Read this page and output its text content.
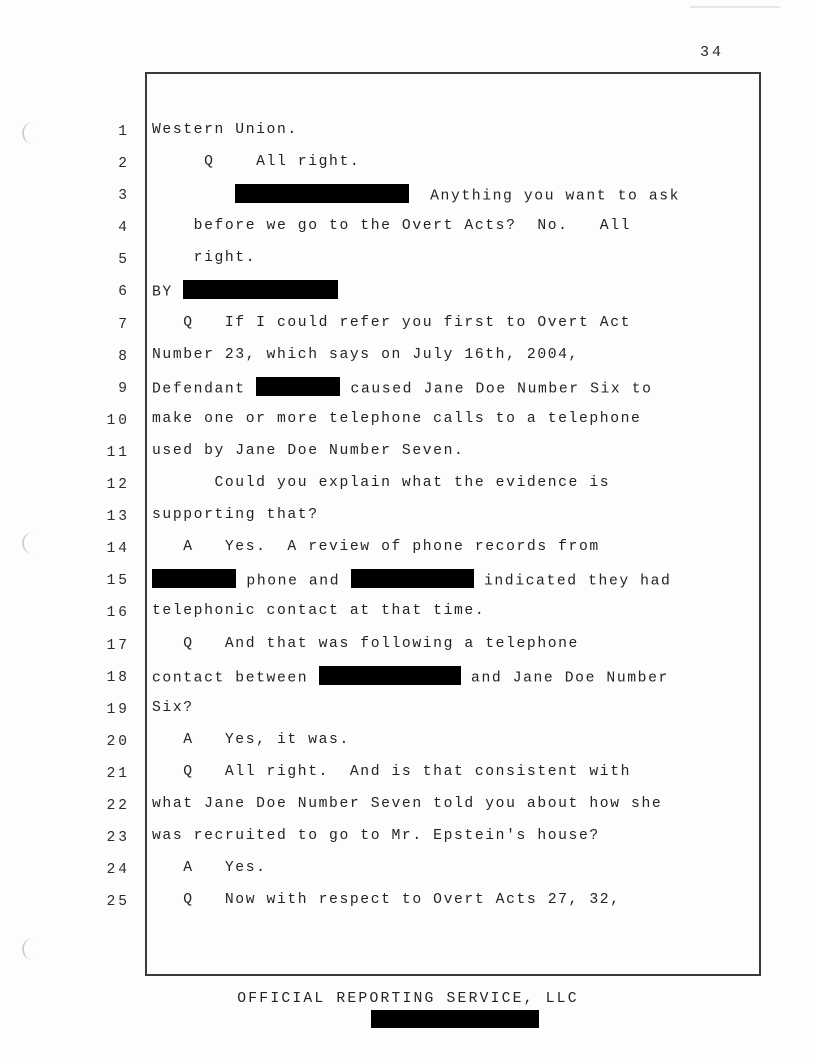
34
1 Western Union.
2 Q    All right.
3	Anything you want to ask
4 before we go to the Overt Acts?  No.   All
5 right.
6 BY
7 Q   If I could refer you first to Overt Act
8 Number 23, which says on July 16th, 2004,
9 Defendant	caused Jane Doe Number Six to
10 make one or more telephone calls to a telephone
11 used by Jane Doe Number Seven.
12 Could you explain what the evidence is
13 supporting that?
14 A   Yes.  A review of phone records from
15	phone and	indicated they had
16 telephonic contact at that time.
17 Q   And that was following a telephone
18 contact between	and Jane Doe Number
19 Six?
20 A   Yes, it was.
21 Q   All right.  And is that consistent with
22 what Jane Doe Number Seven told you about how she
23 was recruited to go to Mr. Epstein's house?
24 A   Yes.
25 Q   Now with respect to Overt Acts 27, 32,
OFFICIAL REPORTING SERVICE, LLC
